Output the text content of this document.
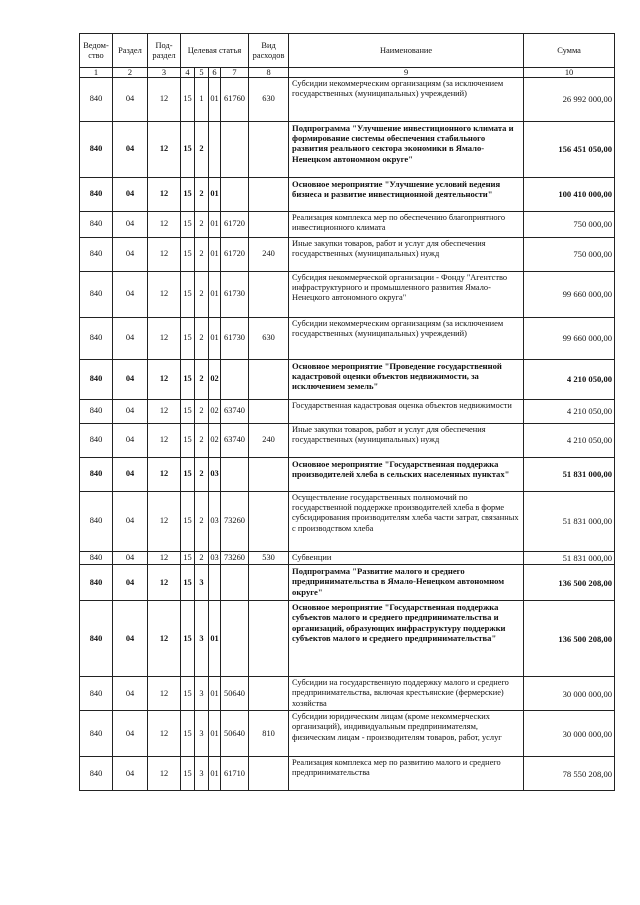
Ведом-ство	Раздел	Под-раздел	Целевая статья				Вид расходов	Наименование	Сумма
1	2	3	4	5	6	7	8	9	10
840	04	12	15	1	01	61760	630	Субсидии некоммерческим организациям (за исключением государственных (муниципальных) учреждений)	26 992 000,00
840	04	12	15	2				Подпрограмма "Улучшение инвестиционного климата и формирование системы обеспечения стабильного развития реального сектора экономики в Ямало-Ненецком автономном округе"	156 451 050,00
840	04	12	15	2	01			Основное мероприятие "Улучшение условий ведения бизнеса и развитие инвестиционной деятельности"	100 410 000,00
840	04	12	15	2	01	61720		Реализация комплекса мер по обеспечению благоприятного инвестиционного климата	750 000,00
840	04	12	15	2	01	61720	240	Иные закупки товаров, работ и услуг для обеспечения государственных (муниципальных) нужд	750 000,00
840	04	12	15	2	01	61730		Субсидия некоммерческой организации - Фонду "Агентство инфраструктурного и промышленного развития Ямало-Ненецкого автономного округа"	99 660 000,00
840	04	12	15	2	01	61730	630	Субсидии некоммерческим организациям (за исключением государственных (муниципальных) учреждений)	99 660 000,00
840	04	12	15	2	02			Основное мероприятие "Проведение государственной кадастровой оценки объектов недвижимости, за исключением земель"	4 210 050,00
840	04	12	15	2	02	63740		Государственная кадастровая оценка объектов недвижимости	4 210 050,00
840	04	12	15	2	02	63740	240	Иные закупки товаров, работ и услуг для обеспечения государственных (муниципальных) нужд	4 210 050,00
840	04	12	15	2	03			Основное мероприятие "Государственная поддержка производителей хлеба в сельских населенных пунктах"	51 831 000,00
840	04	12	15	2	03	73260		Осуществление государственных полномочий по государственной поддержке производителей хлеба в форме субсидирования производителям хлеба части затрат, связанных с производством хлеба	51 831 000,00
840	04	12	15	2	03	73260	530	Субвенции	51 831 000,00
840	04	12	15	3				Подпрограмма "Развитие малого и среднего предпринимательства в Ямало-Ненецком автономном округе"	136 500 208,00
840	04	12	15	3	01			Основное мероприятие "Государственная поддержка субъектов малого и среднего предпринимательства и организаций, образующих инфраструктуру поддержки субъектов малого и среднего предпринимательства"	136 500 208,00
840	04	12	15	3	01	50640		Субсидии на государственную поддержку малого и среднего предпринимательства, включая крестьянские (фермерские) хозяйства	30 000 000,00
840	04	12	15	3	01	50640	810	Субсидии юридическим лицам (кроме некоммерческих организаций), индивидуальным предпринимателям, физическим лицам - производителям товаров, работ, услуг	30 000 000,00
840	04	12	15	3	01	61710		Реализация комплекса мер по развитию малого и среднего предпринимательства	78 550 208,00
